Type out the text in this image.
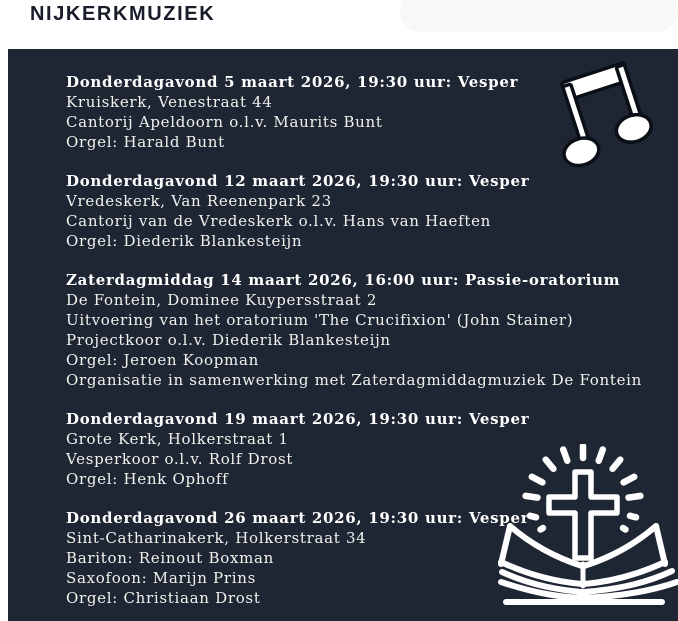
NIJKERKMUZIEK
Donderdagavond 5 maart 2026, 19:30 uur: Vesper
Kruiskerk, Venestraat 44
Cantorij Apeldoorn o.l.v. Maurits Bunt
Orgel: Harald Bunt
Donderdagavond 12 maart 2026, 19:30 uur: Vesper
Vredeskerk, Van Reenenpark 23
Cantorij van de Vredeskerk o.l.v. Hans van Haeften
Orgel: Diederik Blankesteijn
Zaterdagmiddag 14 maart 2026, 16:00 uur: Passie-oratorium
De Fontein, Dominee Kuypersstraat 2
Uitvoering van het oratorium 'The Crucifixion' (John Stainer)
Projectkoor o.l.v. Diederik Blankesteijn
Orgel: Jeroen Koopman
Organisatie in samenwerking met Zaterdagmiddagmuziek De Fontein
Donderdagavond 19 maart 2026, 19:30 uur: Vesper
Grote Kerk, Holkerstraat 1
Vesperkoor o.l.v. Rolf Drost
Orgel: Henk Ophoff
Donderdagavond 26 maart 2026, 19:30 uur: Vesper
Sint-Catharinakerk, Holkerstraat 34
Bariton: Reinout Boxman
Saxofoon: Marijn Prins
Orgel: Christiaan Drost
